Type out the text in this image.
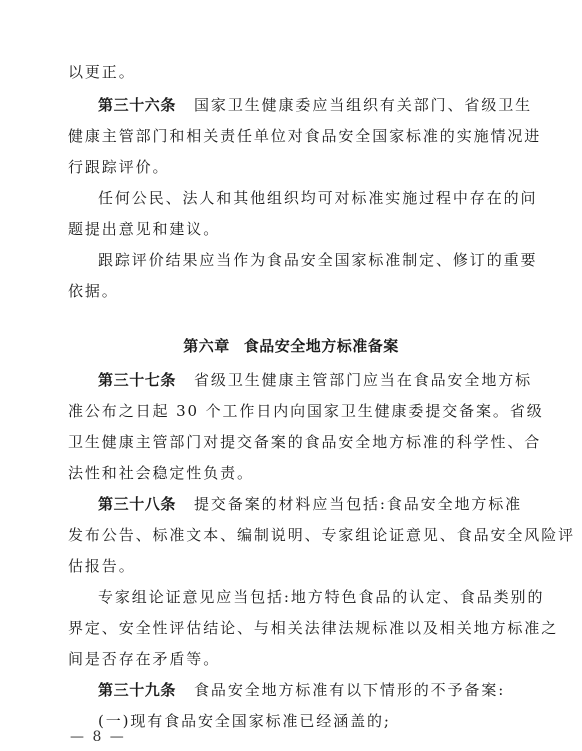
以更正。
第三十六条 国家卫生健康委应当组织有关部门、省级卫生
健康主管部门和相关责任单位对食品安全国家标准的实施情况进
行跟踪评价。
任何公民、法人和其他组织均可对标准实施过程中存在的问
题提出意见和建议。
跟踪评价结果应当作为食品安全国家标准制定、修订的重要
依据。
第六章 食品安全地方标准备案
第三十七条 省级卫生健康主管部门应当在食品安全地方标
准公布之日起 30 个工作日内向国家卫生健康委提交备案。省级
卫生健康主管部门对提交备案的食品安全地方标准的科学性、合
法性和社会稳定性负责。
第三十八条 提交备案的材料应当包括:食品安全地方标准
发布公告、标准文本、编制说明、专家组论证意见、食品安全风险评
估报告。
专家组论证意见应当包括:地方特色食品的认定、食品类别的
界定、安全性评估结论、与相关法律法规标准以及相关地方标准之
间是否存在矛盾等。
第三十九条 食品安全地方标准有以下情形的不予备案:
(一)现有食品安全国家标准已经涵盖的;
— 8 —
